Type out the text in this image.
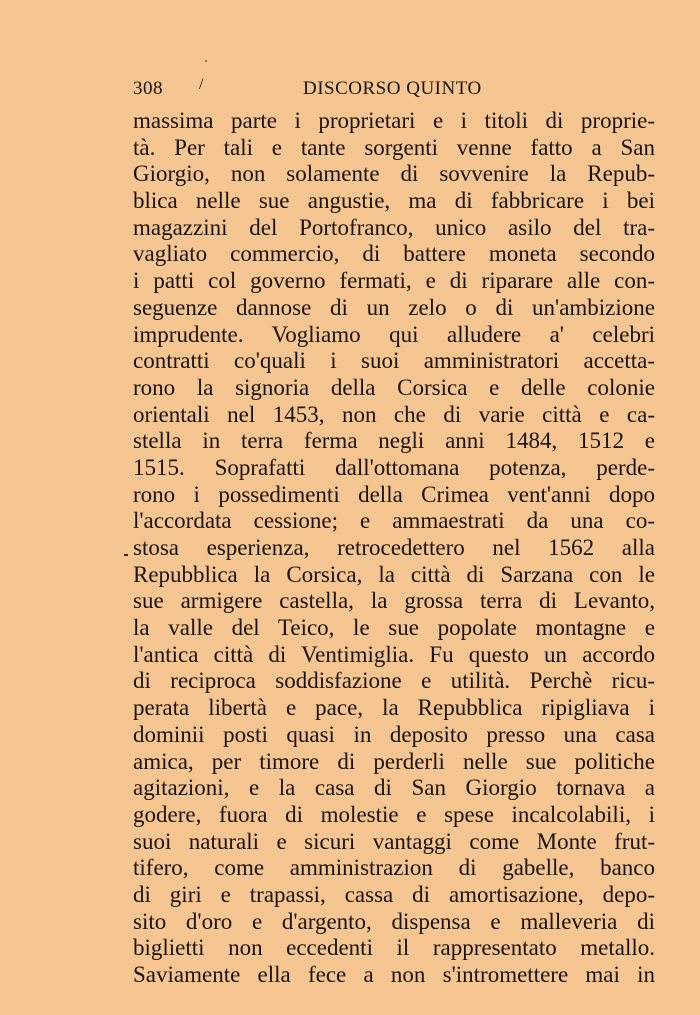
308 /	DISCORSO QUINTO
massima parte i proprietari e i titoli di proprie-
tà. Per tali e tante sorgenti venne fatto a San
Giorgio, non solamente di sovvenire la Repub-
blica nelle sue angustie, ma di fabbricare i bei
magazzini del Portofranco, unico asilo del tra-
vagliato commercio, di battere moneta secondo
i patti col governo fermati, e di riparare alle con-
seguenze dannose di un zelo o di un'ambizione
imprudente. Vogliamo qui alludere a' celebri
contratti co'quali i suoi amministratori accetta-
rono la signoria della Corsica e delle colonie
orientali nel 1453, non che di varie città e ca-
stella in terra ferma negli anni 1484, 1512 e
1515. Soprafatti dall'ottomana potenza, perde-
rono i possedimenti della Crimea vent'anni dopo
l'accordata cessione; e ammaestrati da una co-
stosa esperienza, retrocedettero nel 1562 alla
Repubblica la Corsica, la città di Sarzana con le
sue armigere castella, la grossa terra di Levanto,
la valle del Teico, le sue popolate montagne e
l'antica città di Ventimiglia. Fu questo un accordo
di reciproca soddisfazione e utilità. Perchè ricu-
perata libertà e pace, la Repubblica ripigliava i
dominii posti quasi in deposito presso una casa
amica, per timore di perderli nelle sue politiche
agitazioni, e la casa di San Giorgio tornava a
godere, fuora di molestie e spese incalcolabili, i
suoi naturali e sicuri vantaggi come Monte frut-
tifero, come amministrazion di gabelle, banco
di giri e trapassi, cassa di amortisazione, depo-
sito d'oro e d'argento, dispensa e malleveria di
biglietti non eccedenti il rappresentato metallo.
Saviamente ella fece a non s'intromettere mai in
